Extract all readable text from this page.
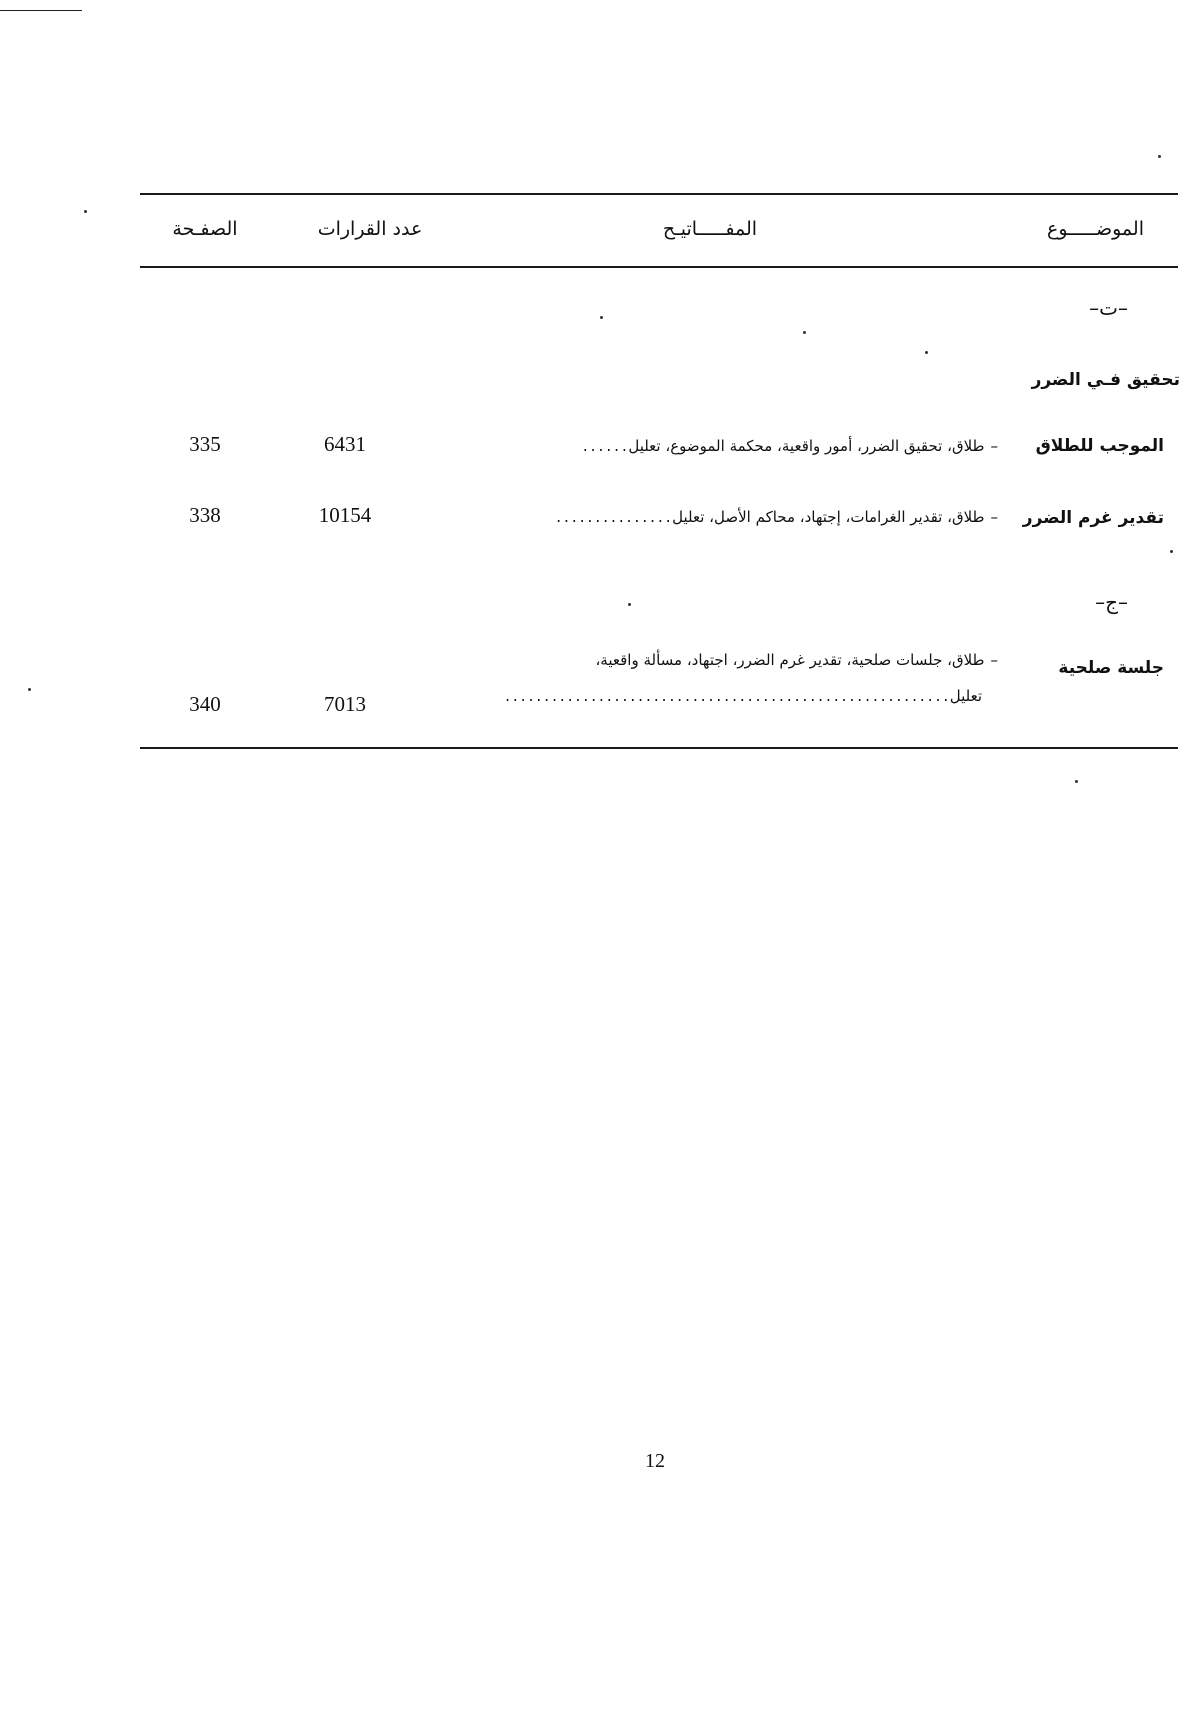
الموضـــــوع
المفـــــاتيـح
عدد القرارات
الصفـحة
–ت–
تحقيق فـي الضرر
الموجب للطلاق
–طلاق، تحقيق الضرر، أمور واقعية، محكمة الموضوع، تعليل......
6431
335
تقدير غرم الضرر
–طلاق، تقدير الغرامات، إجتهاد، محاكم الأصل، تعليل...............
10154
338
–ج–
جلسة صلحية
–طلاق، جلسات صلحية، تقدير غرم الضرر، اجتهاد، مسألة واقعية،
تعليل.........................................................
7013
340
12
